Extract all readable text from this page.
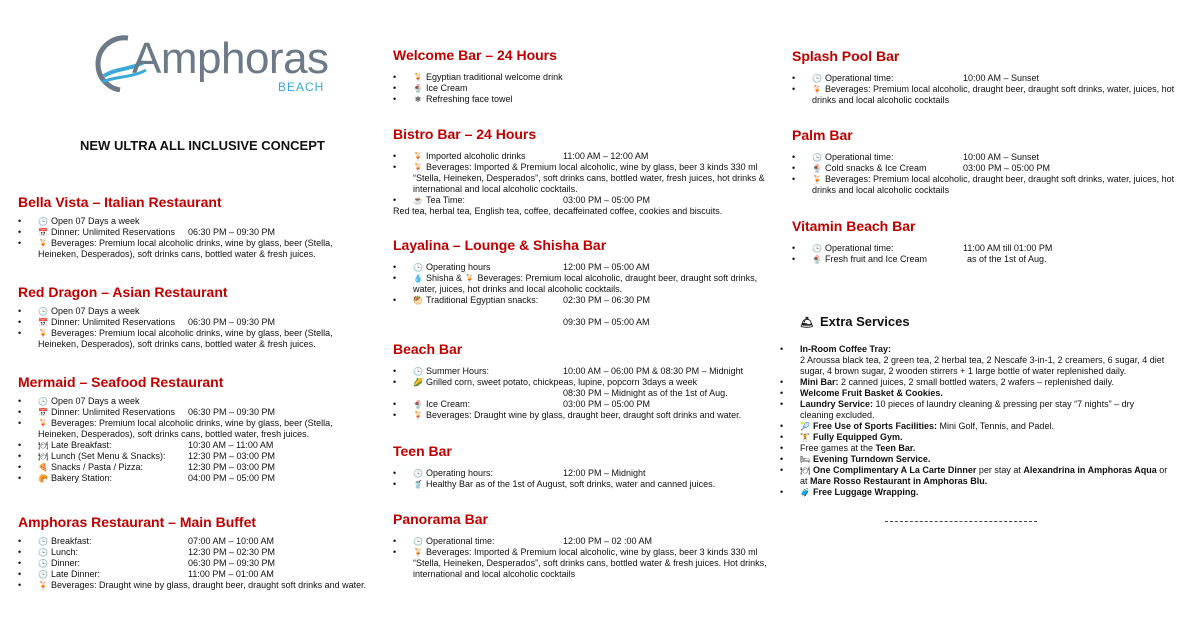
Amphoras
BEACH
NEW ULTRA ALL INCLUSIVE CONCEPT
Bella Vista – Italian Restaurant
• 🕒 Open 07 Days a week
• 📅 Dinner: Unlimited Reservations 06:30 PM – 09:30 PM
• 🍹 Beverages: Premium local alcoholic drinks, wine by glass, beer (Stella, Heineken, Desperados), soft drinks cans, bottled water & fresh juices.
Red Dragon – Asian Restaurant
• 🕒 Open 07 Days a week
• 📅 Dinner: Unlimited Reservations 06:30 PM – 09:30 PM
• 🍹 Beverages: Premium local alcoholic drinks, wine by glass, beer (Stella, Heineken, Desperados), soft drinks cans, bottled water & fresh juices.
Mermaid – Seafood Restaurant
• 🕒 Open 07 Days a week
• 📅 Dinner: Unlimited Reservations 06:30 PM – 09:30 PM
• 🍹 Beverages: Premium local alcoholic drinks, wine by glass, beer (Stella, Heineken, Desperados), soft drinks cans, bottled water, fresh juices.
• 🍽 Late Breakfast:	10:30 AM – 11:00 AM
• 🍽 Lunch (Set Menu & Snacks): 12:30 PM – 03:00 PM
• 🍕 Snacks / Pasta / Pizza:	12:30 PM – 03:00 PM
• 🥐 Bakery Station:	04:00 PM – 05:00 PM
Amphoras Restaurant – Main Buffet
• 🕒 Breakfast:	07:00 AM – 10:00 AM
• 🕒 Lunch:	12:30 PM – 02:30 PM
• 🕒 Dinner:	06:30 PM – 09:30 PM
• 🕒 Late Dinner:	11:00 PM – 01:00 AM
• 🍹 Beverages: Draught wine by glass, draught beer, draught soft drinks and water.
Welcome Bar – 24 Hours
• 🍹 Egyptian traditional welcome drink
• 🍨 Ice Cream
• ❄ Refreshing face towel
Bistro Bar – 24 Hours
• 🍹 Imported alcoholic drinks	11:00 AM – 12:00 AM
• 🍹 Beverages: Imported & Premium local alcoholic, wine by glass, beer 3 kinds 330 ml “Stella, Heineken, Desperados”, soft drinks cans, bottled water, fresh juices, hot drinks & international and local alcoholic cocktails.
• ☕ Tea Time:	03:00 PM – 05:00 PM
Red tea, herbal tea, English tea, coffee, decaffeinated coffee, cookies and biscuits.
Layalina – Lounge & Shisha Bar
• 🕒 Operating hours	12:00 PM – 05:00 AM
• 💧 Shisha & 🍹 Beverages: Premium local alcoholic, draught beer, draught soft drinks, water, juices, hot drinks and local alcoholic cocktails.
• 🥙 Traditional Egyptian snacks:	02:30 PM – 06:30 PM
09:30 PM – 05:00 AM
Beach Bar
• 🕒 Summer Hours:	10:00 AM – 06:00 PM & 08:30 PM – Midnight
• 🌽 Grilled corn, sweet potato, chickpeas, lupine, popcorn 3days a week
08:30 PM – Midnight as of the 1st of Aug.
• 🍨 Ice Cream:	03:00 PM – 05:00 PM
• 🍹 Beverages: Draught wine by glass, draught beer, draught soft drinks and water.
Teen Bar
• 🕒 Operating hours:	12:00 PM – Midnight
• 🥤 Healthy Bar as of the 1st of August, soft drinks, water and canned juices.
Panorama Bar
• 🕒 Operational time:	12:00 PM – 02 :00 AM
• 🍹 Beverages: Imported & Premium local alcoholic, wine by glass, beer 3 kinds 330 ml “Stella, Heineken, Desperados”, soft drinks cans, bottled water & fresh juices. Hot drinks, international and local alcoholic cocktails
Splash Pool Bar
• 🕒 Operational time:	10:00 AM – Sunset
• 🍹 Beverages: Premium local alcoholic, draught beer, draught soft drinks, water, juices, hot drinks and local alcoholic cocktails
Palm Bar
• 🕒 Operational time:	10:00 AM – Sunset
• 🍨 Cold snacks & Ice Cream	03:00 PM – 05:00 PM
• 🍹 Beverages: Premium local alcoholic, draught beer, draught soft drinks, water, juices, hot drinks and local alcoholic cocktails
Vitamin Beach Bar
• 🕒 Operational time:	11:00 AM till 01:00 PM
• 🍨 Fresh fruit and Ice Cream	as of the 1st of Aug.
🛎 Extra Services
• In-Room Coffee Tray:
2 Aroussa black tea, 2 green tea, 2 herbal tea, 2 Nescafe 3-in-1, 2 creamers, 6 sugar, 4 diet sugar, 4 brown sugar, 2 wooden stirrers + 1 large bottle of water replenished daily.
• Mini Bar: 2 canned juices, 2 small bottled waters, 2 wafers – replenished daily.
• Welcome Fruit Basket & Cookies.
• Laundry Service: 10 pieces of laundry cleaning & pressing per stay “7 nights” – dry cleaning excluded.
• 🎾 Free Use of Sports Facilities: Mini Golf, Tennis, and Padel.
• 🏋 Fully Equipped Gym.
• Free games at the Teen Bar.
• 🛏 Evening Turndown Service.
• 🍽 One Complimentary A La Carte Dinner per stay at Alexandrina in Amphoras Aqua or at Mare Rosso Restaurant in Amphoras Blu.
• 🧳 Free Luggage Wrapping.
